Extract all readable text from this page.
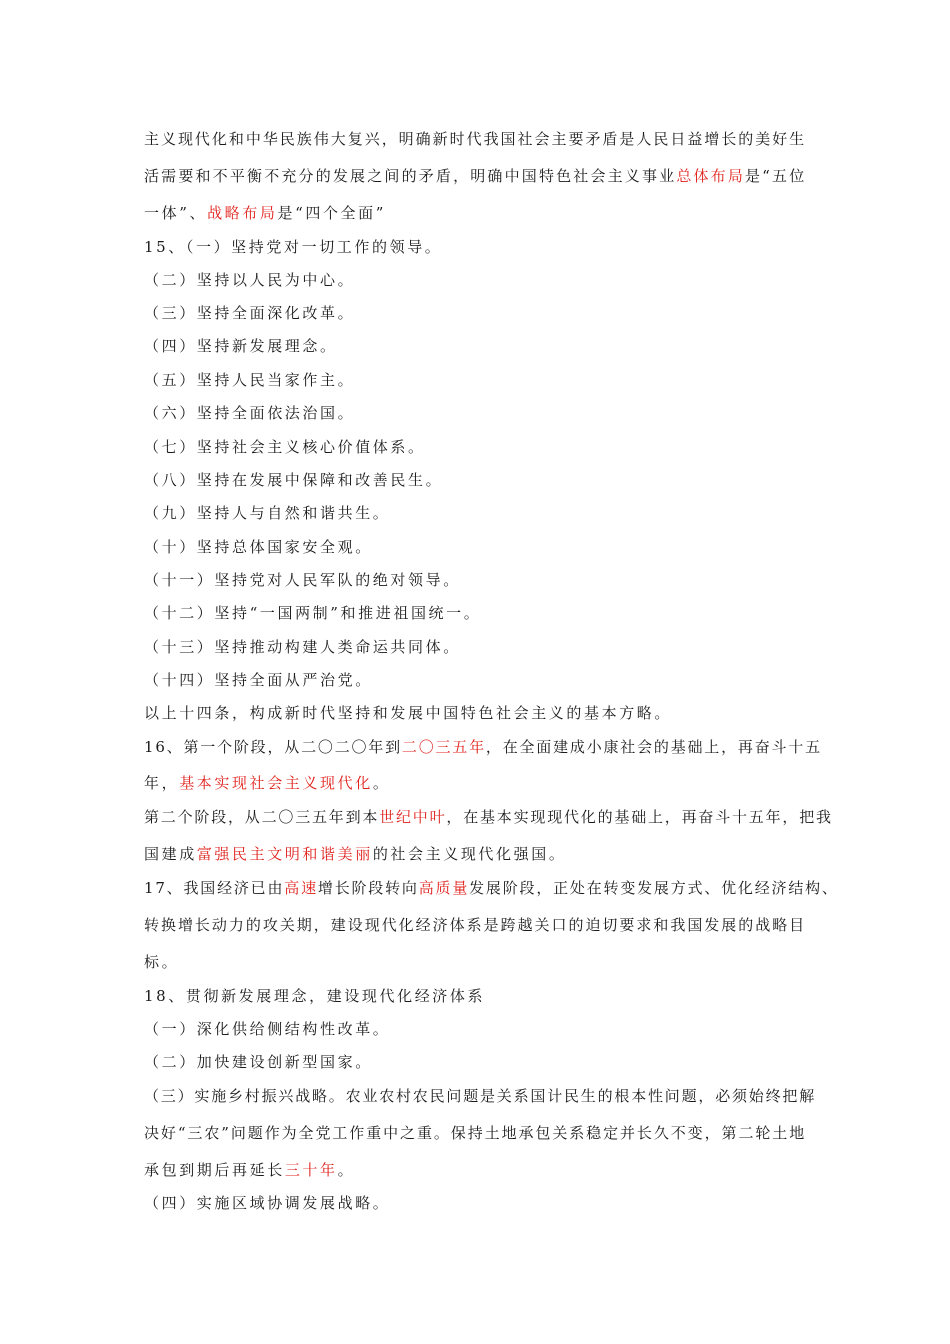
主义现代化和中华民族伟大复兴，明确新时代我国社会主要矛盾是人民日益增长的美好生
活需要和不平衡不充分的发展之间的矛盾，明确中国特色社会主义事业总体布局是“五位
一体”、战略布局是“四个全面”
15、（一）坚持党对一切工作的领导。
（二）坚持以人民为中心。
（三）坚持全面深化改革。
（四）坚持新发展理念。
（五）坚持人民当家作主。
（六）坚持全面依法治国。
（七）坚持社会主义核心价值体系。
（八）坚持在发展中保障和改善民生。
（九）坚持人与自然和谐共生。
（十）坚持总体国家安全观。
（十一）坚持党对人民军队的绝对领导。
（十二）坚持“一国两制”和推进祖国统一。
（十三）坚持推动构建人类命运共同体。
（十四）坚持全面从严治党。
以上十四条，构成新时代坚持和发展中国特色社会主义的基本方略。
16、第一个阶段，从二〇二〇年到二〇三五年，在全面建成小康社会的基础上，再奋斗十五
年，基本实现社会主义现代化。
第二个阶段，从二〇三五年到本世纪中叶，在基本实现现代化的基础上，再奋斗十五年，把我
国建成富强民主文明和谐美丽的社会主义现代化强国。
17、我国经济已由高速增长阶段转向高质量发展阶段，正处在转变发展方式、优化经济结构、
转换增长动力的攻关期，建设现代化经济体系是跨越关口的迫切要求和我国发展的战略目
标。
18、贯彻新发展理念，建设现代化经济体系
（一）深化供给侧结构性改革。
（二）加快建设创新型国家。
（三）实施乡村振兴战略。农业农村农民问题是关系国计民生的根本性问题，必须始终把解
决好“三农”问题作为全党工作重中之重。保持土地承包关系稳定并长久不变，第二轮土地
承包到期后再延长三十年。
（四）实施区域协调发展战略。
